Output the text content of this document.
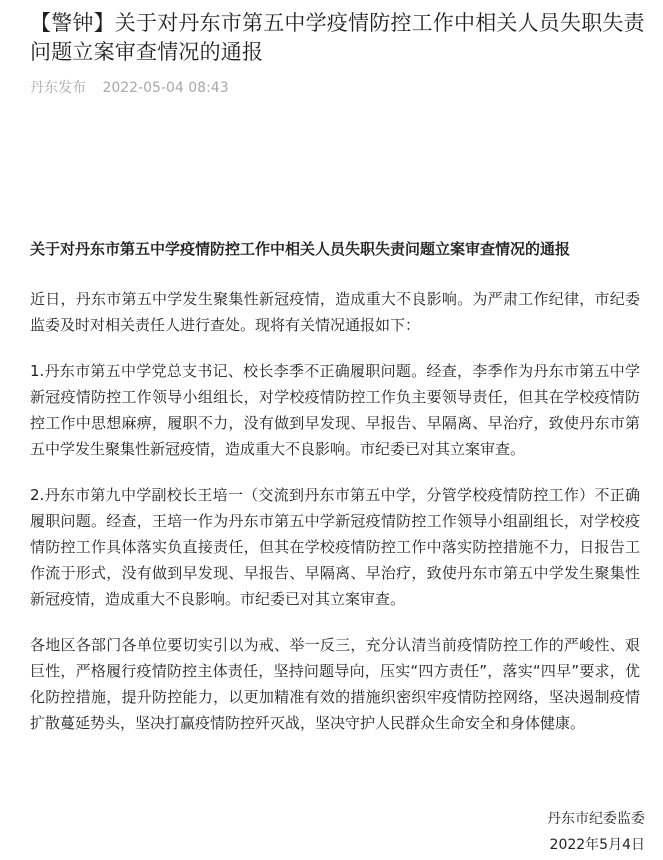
【警钟】关于对丹东市第五中学疫情防控工作中相关人员失职失责问题立案审查情况的通报
丹东发布 2022-05-04 08:43

关于对丹东市第五中学疫情防控工作中相关人员失职失责问题立案审查情况的通报

近日，丹东市第五中学发生聚集性新冠疫情，造成重大不良影响。为严肃工作纪律，市纪委监委及时对相关责任人进行查处。现将有关情况通报如下：

1.丹东市第五中学党总支书记、校长李季不正确履职问题。经查，李季作为丹东市第五中学新冠疫情防控工作领导小组组长，对学校疫情防控工作负主要领导责任，但其在学校疫情防控工作中思想麻痹，履职不力，没有做到早发现、早报告、早隔离、早治疗，致使丹东市第五中学发生聚集性新冠疫情，造成重大不良影响。市纪委已对其立案审查。

2.丹东市第九中学副校长王培一（交流到丹东市第五中学，分管学校疫情防控工作）不正确履职问题。经查，王培一作为丹东市第五中学新冠疫情防控工作领导小组副组长，对学校疫情防控工作具体落实负直接责任，但其在学校疫情防控工作中落实防控措施不力，日报告工作流于形式，没有做到早发现、早报告、早隔离、早治疗，致使丹东市第五中学发生聚集性新冠疫情，造成重大不良影响。市纪委已对其立案审查。

各地区各部门各单位要切实引以为戒、举一反三，充分认清当前疫情防控工作的严峻性、艰巨性，严格履行疫情防控主体责任，坚持问题导向，压实“四方责任”，落实“四早”要求，优化防控措施，提升防控能力，以更加精准有效的措施织密织牢疫情防控网络，坚决遏制疫情扩散蔓延势头，坚决打赢疫情防控歼灭战，坚决守护人民群众生命安全和身体健康。

丹东市纪委监委
2022年5月4日
